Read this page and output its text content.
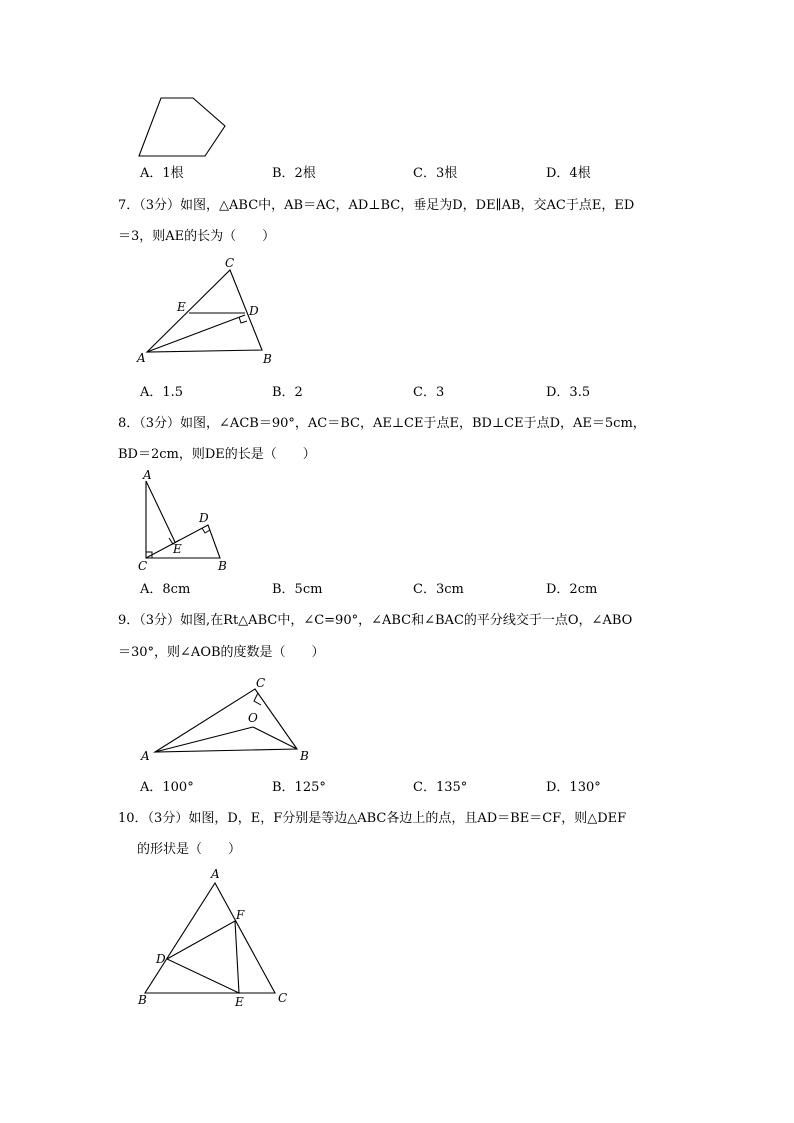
A．1根	B．2根	C．3根	D．4根
7．（3分）如图，△ABC中，AB＝AC，AD⊥BC，垂足为D，DE∥AB，交AC于点E，ED
＝3，则AE的长为（　　）
C
E	D
A	B
A．1.5	B．2	C．3	D．3.5
8．（3分）如图，∠ACB＝90°，AC＝BC，AE⊥CE于点E，BD⊥CE于点D，AE＝5cm，
BD＝2cm，则DE的长是（　　）
A
D
E
C	B
A．8cm	B．5cm	C．3cm	D．2cm
9．（3分）如图,在Rt△ABC中，∠C=90°，∠ABC和∠BAC的平分线交于一点O，∠ABO
＝30°，则∠AOB的度数是（　　）
C
O
A	B
A．100°	B．125°	C．135°	D．130°
10．（3分）如图，D，E，F分别是等边△ABC各边上的点，且AD＝BE＝CF，则△DEF
的形状是（　　）
A
F
D
B	E	C
